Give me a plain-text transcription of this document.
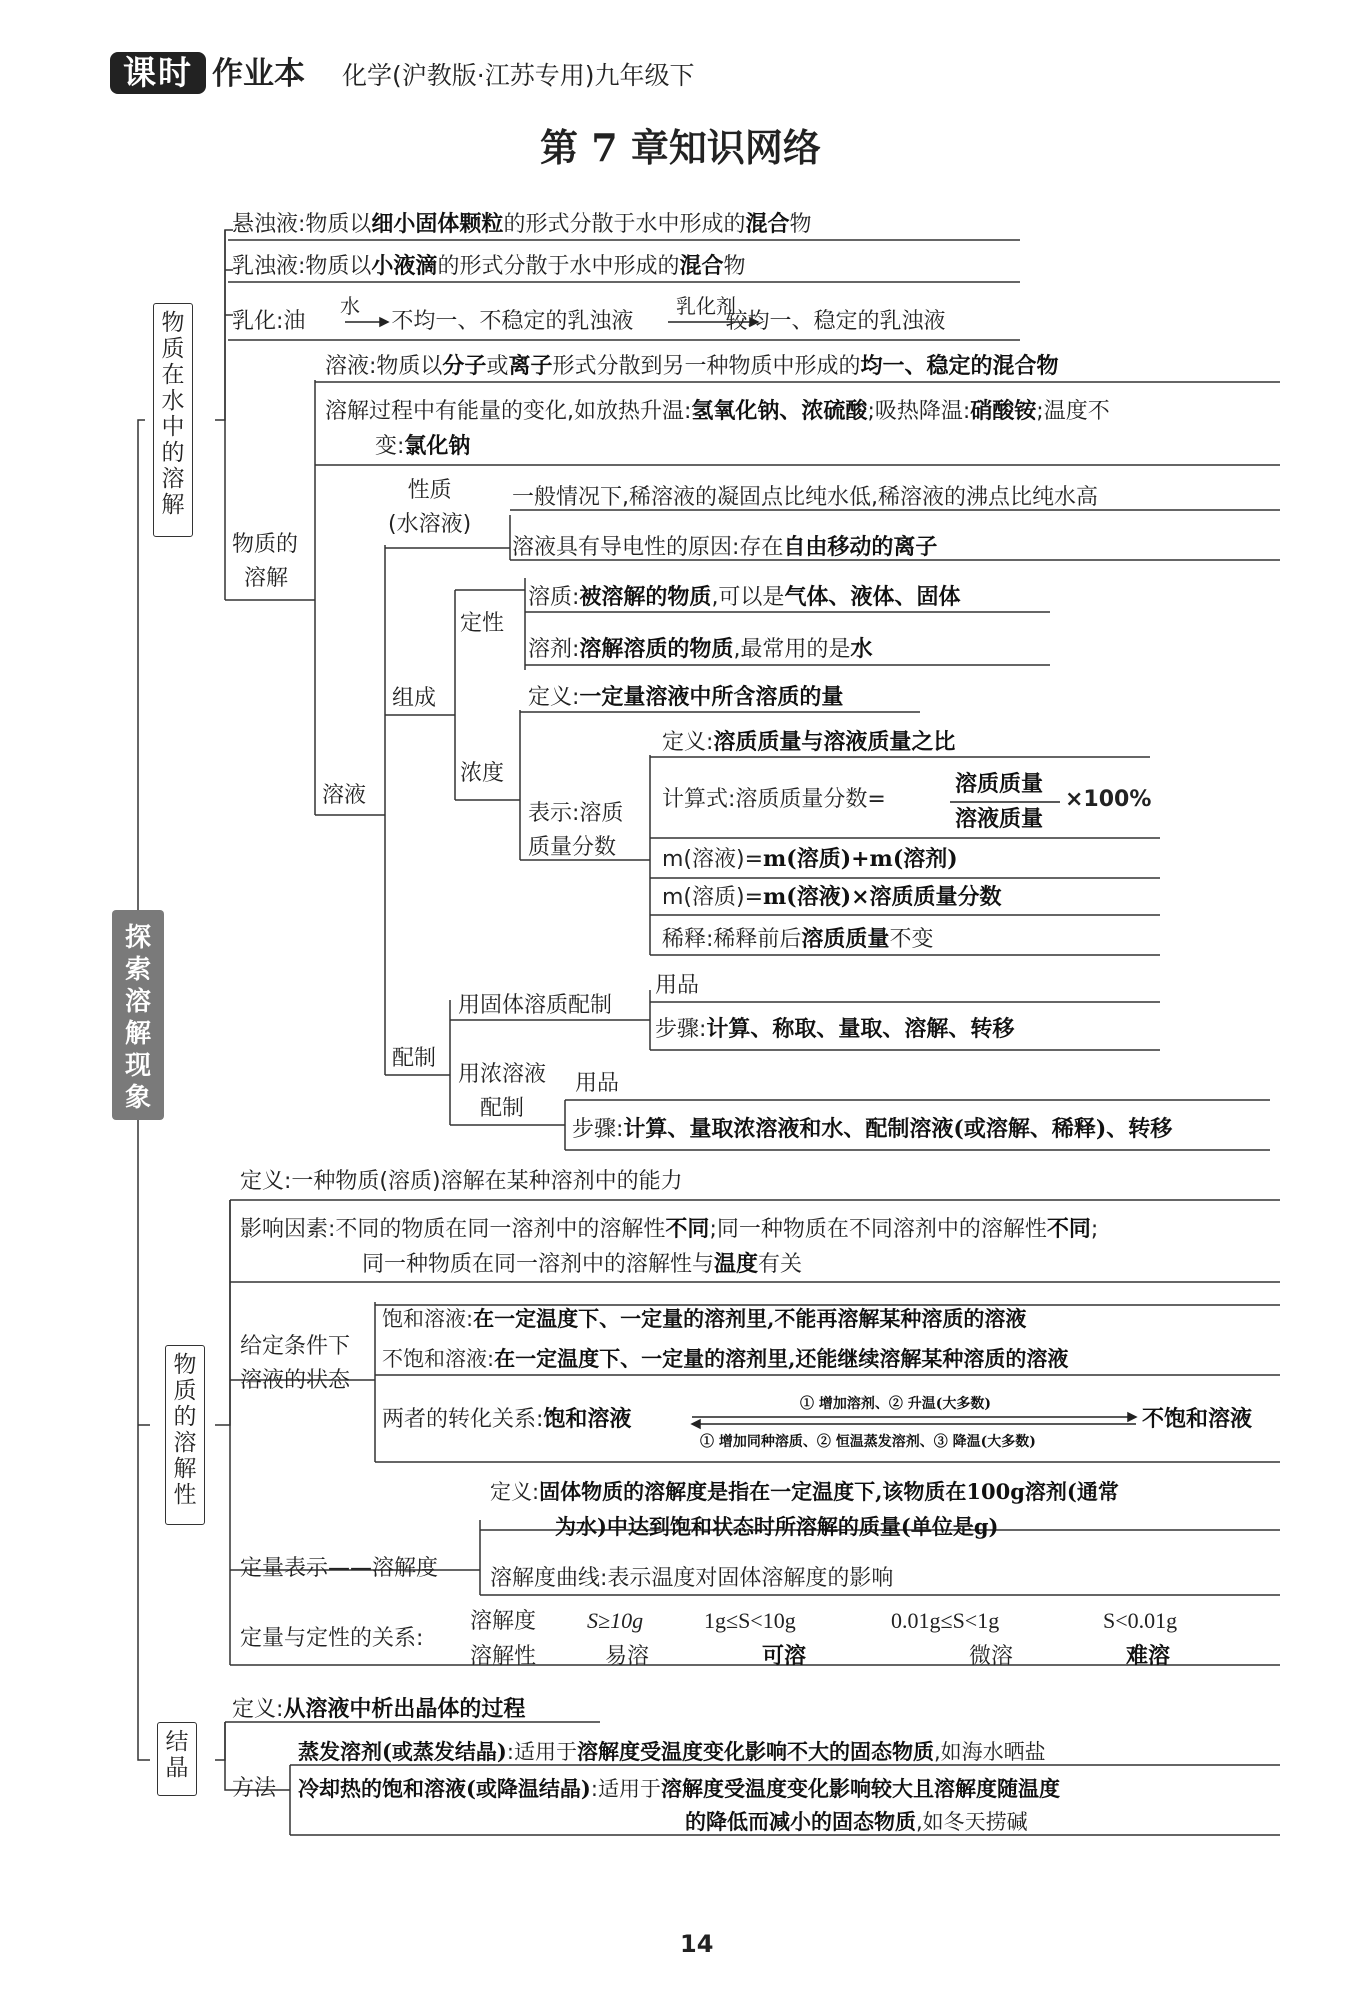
课时 作业本 化学(沪教版·江苏专用)九年级下
第 7 章知识网络
探
索
溶
解
现
象
物
质
在
水
中
的
溶
解
悬浊液:物质以细小固体颗粒的形式分散于水中形成的混合物
乳浊液:物质以小液滴的形式分散于水中形成的混合物
乳化:油	不均一、不稳定的乳浊液	较均一、稳定的乳浊液
水	乳化剂
溶液:物质以分子或离子形式分散到另一种物质中形成的均一、稳定的混合物
溶解过程中有能量的变化,如放热升温:氢氧化钠、浓硫酸;吸热降温:硝酸铵;温度不
变:氯化钠
物质的
溶解
性质
(水溶液)
一般情况下,稀溶液的凝固点比纯水低,稀溶液的沸点比纯水高
溶液具有导电性的原因:存在自由移动的离子
溶液
组成
定性
溶质:被溶解的物质,可以是气体、液体、固体
溶剂:溶解溶质的物质,最常用的是水
浓度
定义:一定量溶液中所含溶质的量
表示:溶质
质量分数
定义:溶质质量与溶液质量之比
计算式:溶质质量分数=
溶质质量
溶液质量
×100%
m(溶液)=m(溶质)+m(溶剂)
m(溶质)=m(溶液)×溶质质量分数
稀释:稀释前后溶质质量不变
配制
用固体溶质配制
用品
步骤:计算、称取、量取、溶解、转移
用浓溶液
配制
用品
步骤:计算、量取浓溶液和水、配制溶液(或溶解、稀释)、转移
物
质
的
溶
解
性
定义:一种物质(溶质)溶解在某种溶剂中的能力
影响因素:不同的物质在同一溶剂中的溶解性不同;同一种物质在不同溶剂中的溶解性不同;
同一种物质在同一溶剂中的溶解性与温度有关
给定条件下
溶液的状态
饱和溶液:在一定温度下、一定量的溶剂里,不能再溶解某种溶质的溶液
不饱和溶液:在一定温度下、一定量的溶剂里,还能继续溶解某种溶质的溶液
两者的转化关系:饱和溶液
① 增加溶剂、② 升温(大多数)
① 增加同种溶质、② 恒温蒸发溶剂、③ 降温(大多数)
不饱和溶液
定量表示——溶解度
定义:固体物质的溶解度是指在一定温度下,该物质在100g溶剂(通常
为水)中达到饱和状态时所溶解的质量(单位是g)
溶解度曲线:表示温度对固体溶解度的影响
定量与定性的关系:
溶解度 S≥10g	1g≤S<10g	0.01g≤S<1g	S<0.01g
溶解性	易溶	可溶	微溶	难溶
结
晶
定义:从溶液中析出晶体的过程
方法
蒸发溶剂(或蒸发结晶):适用于溶解度受温度变化影响不大的固态物质,如海水晒盐
冷却热的饱和溶液(或降温结晶):适用于溶解度受温度变化影响较大且溶解度随温度
的降低而减小的固态物质,如冬天捞碱
14
